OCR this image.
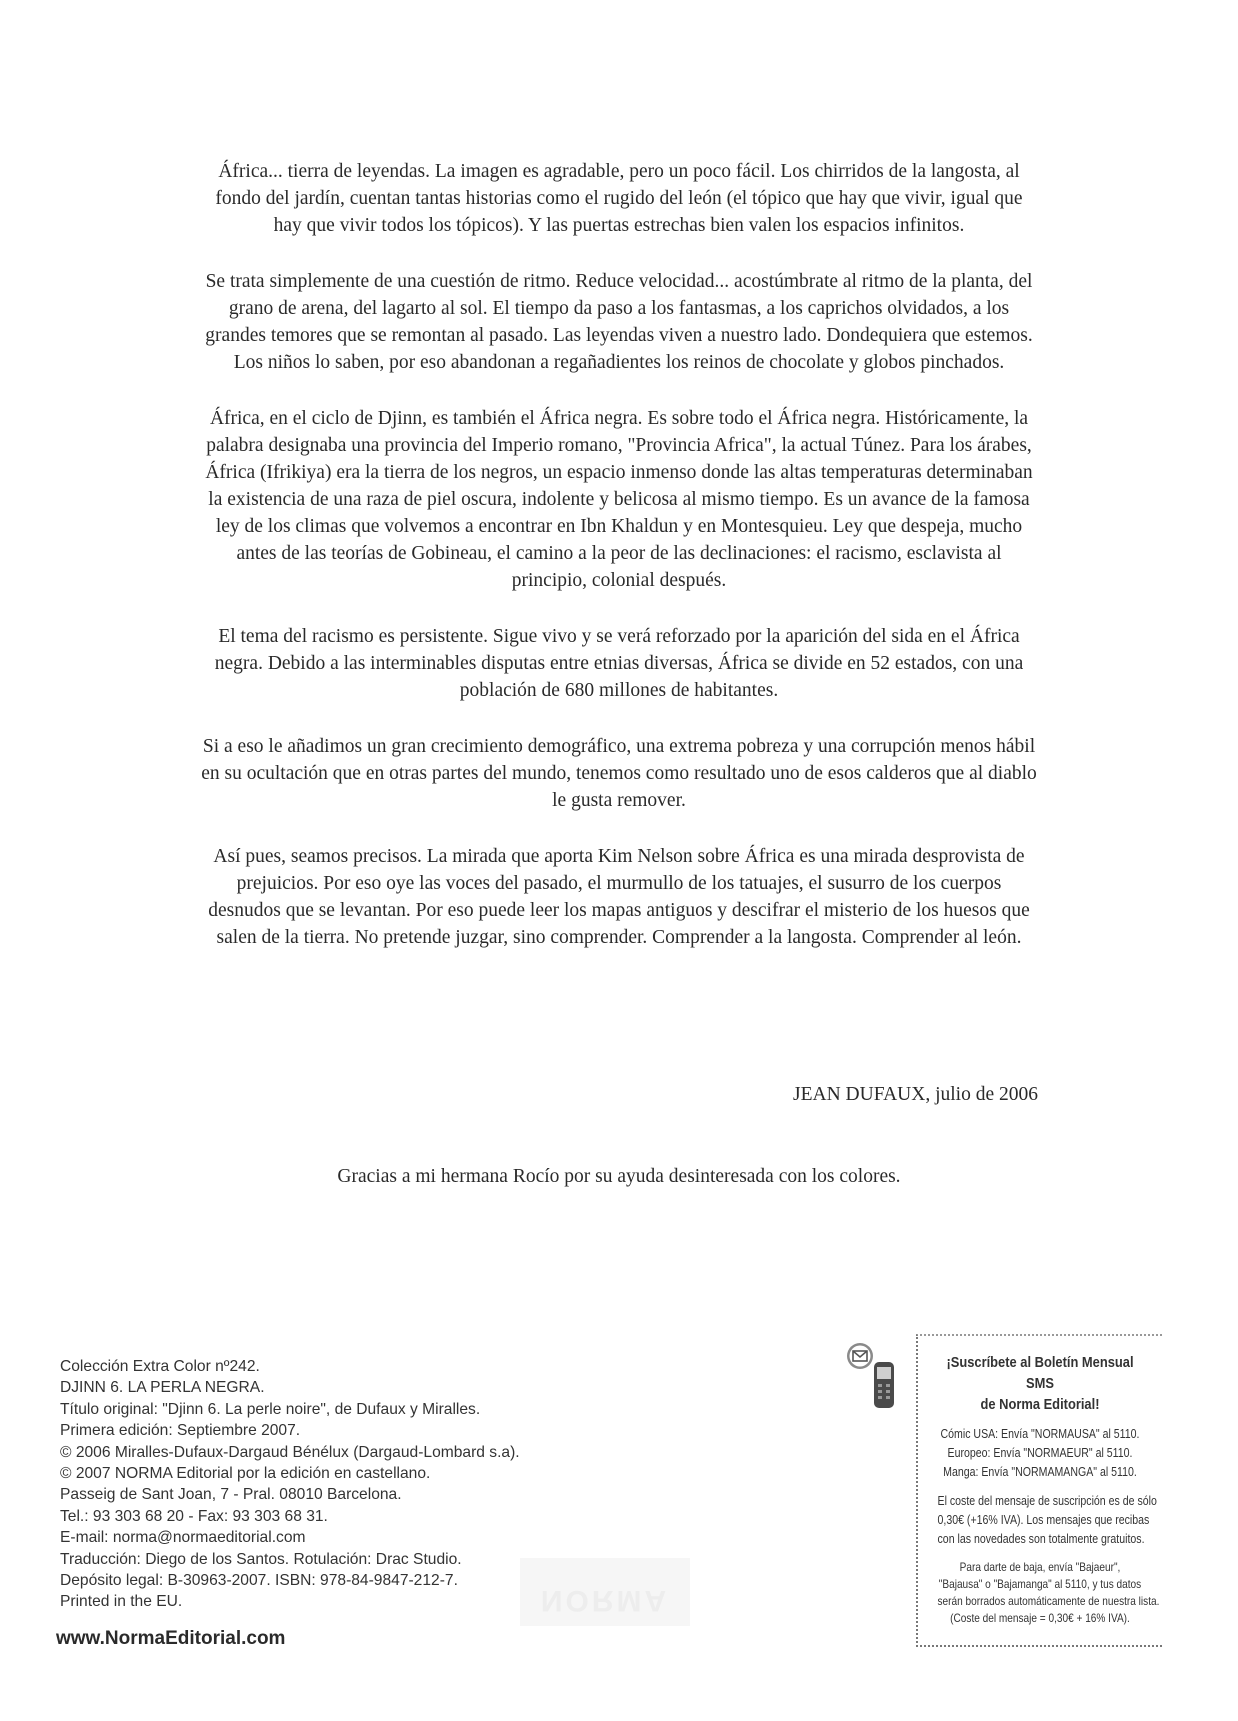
África... tierra de leyendas. La imagen es agradable, pero un poco fácil. Los chirridos de la langosta, al fondo del jardín, cuentan tantas historias como el rugido del león (el tópico que hay que vivir, igual que hay que vivir todos los tópicos). Y las puertas estrechas bien valen los espacios infinitos.

Se trata simplemente de una cuestión de ritmo. Reduce velocidad... acostúmbrate al ritmo de la planta, del grano de arena, del lagarto al sol. El tiempo da paso a los fantasmas, a los caprichos olvidados, a los grandes temores que se remontan al pasado. Las leyendas viven a nuestro lado. Dondequiera que estemos. Los niños lo saben, por eso abandonan a regañadientes los reinos de chocolate y globos pinchados.

África, en el ciclo de Djinn, es también el África negra. Es sobre todo el África negra. Históricamente, la palabra designaba una provincia del Imperio romano, "Provincia Africa", la actual Túnez. Para los árabes, África (Ifrikiya) era la tierra de los negros, un espacio inmenso donde las altas temperaturas determinaban la existencia de una raza de piel oscura, indolente y belicosa al mismo tiempo. Es un avance de la famosa ley de los climas que volvemos a encontrar en Ibn Khaldun y en Montesquieu. Ley que despeja, mucho antes de las teorías de Gobineau, el camino a la peor de las declinaciones: el racismo, esclavista al principio, colonial después.

El tema del racismo es persistente. Sigue vivo y se verá reforzado por la aparición del sida en el África negra. Debido a las interminables disputas entre etnias diversas, África se divide en 52 estados, con una población de 680 millones de habitantes.

Si a eso le añadimos un gran crecimiento demográfico, una extrema pobreza y una corrupción menos hábil en su ocultación que en otras partes del mundo, tenemos como resultado uno de esos calderos que al diablo le gusta remover.

Así pues, seamos precisos. La mirada que aporta Kim Nelson sobre África es una mirada desprovista de prejuicios. Por eso oye las voces del pasado, el murmullo de los tatuajes, el susurro de los cuerpos desnudos que se levantan. Por eso puede leer los mapas antiguos y descifrar el misterio de los huesos que salen de la tierra. No pretende juzgar, sino comprender. Comprender a la langosta. Comprender al león.

JEAN DUFAUX, julio de 2006

Gracias a mi hermana Rocío por su ayuda desinteresada con los colores.

Colección Extra Color nº242.
DJINN 6. LA PERLA NEGRA.
Título original: "Djinn 6. La perle noire", de Dufaux y Miralles.
Primera edición: Septiembre 2007.
© 2006 Miralles-Dufaux-Dargaud Bénélux (Dargaud-Lombard s.a).
© 2007 NORMA Editorial por la edición en castellano.
Passeig de Sant Joan, 7 - Pral. 08010 Barcelona.
Tel.: 93 303 68 20 - Fax: 93 303 68 31.
E-mail: norma@normaeditorial.com
Traducción: Diego de los Santos. Rotulación: Drac Studio.
Depósito legal: B-30963-2007. ISBN: 978-84-9847-212-7.
Printed in the EU.	NORMA
www.NormaEditorial.com
¡Suscríbete al Boletín Mensual SMS
de Norma Editorial!
Cómic USA: Envía "NORMAUSA" al 5110.
Europeo: Envía "NORMAEUR" al 5110.
Manga: Envía "NORMAMANGA" al 5110.
El coste del mensaje de suscripción es de sólo
0,30€ (+16% IVA). Los mensajes que recibas
con las novedades son totalmente gratuitos.
Para darte de baja, envía "Bajaeur",
"Bajausa" o "Bajamanga" al 5110, y tus datos
serán borrados automáticamente de nuestra lista.
(Coste del mensaje = 0,30€ + 16% IVA).
